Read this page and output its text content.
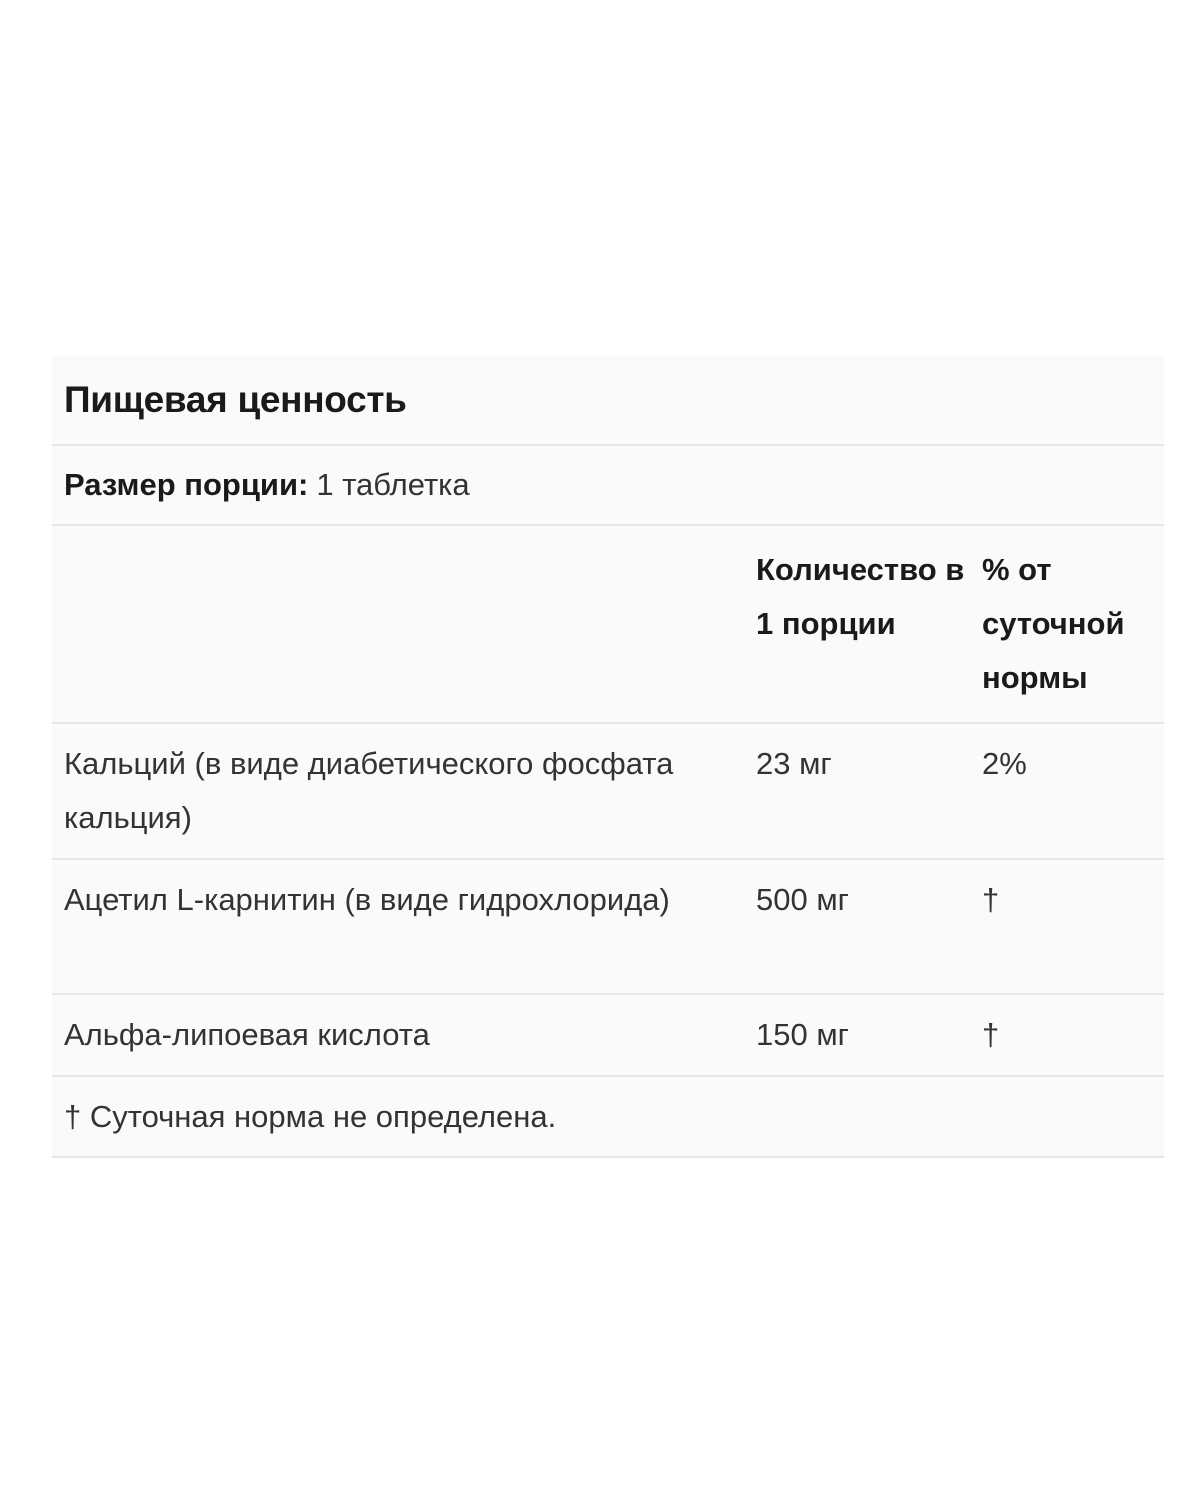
Пищевая ценность
Размер порции: 1 таблетка
	Количество в 1 порции	% от суточной нормы
Кальций (в виде диабетического фосфата кальция)	23 мг	2%
Ацетил L-карнитин (в виде гидрохлорида)	500 мг	†
Альфа-липоевая кислота	150 мг	†
† Суточная норма не определена.
